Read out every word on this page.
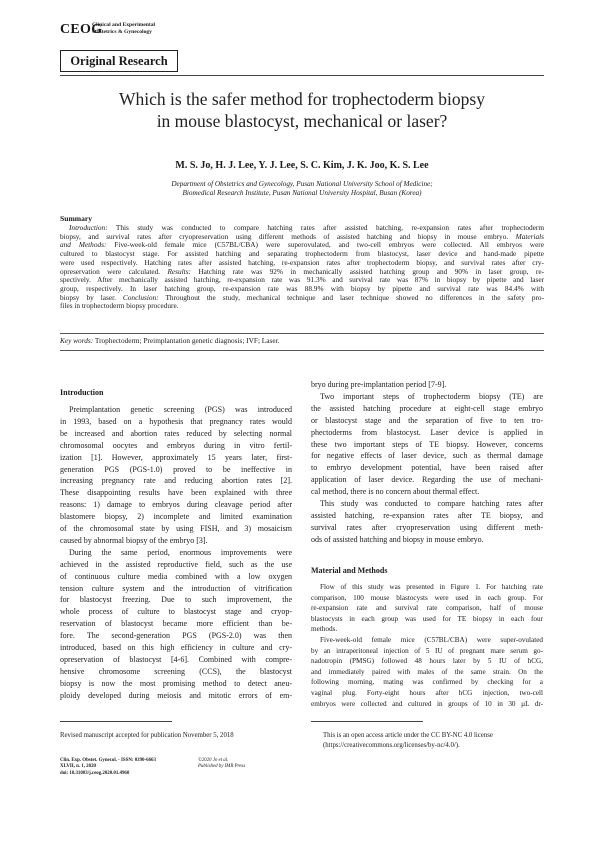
CEOG
Clinical and Experimental
Obstetrics & Gynecology
Original Research
Which is the safer method for trophectoderm biopsy
in mouse blastocyst, mechanical or laser?
M. S. Jo, H. J. Lee, Y. J. Lee, S. C. Kim, J. K. Joo, K. S. Lee
Department of Obstetrics and Gynecology, Pusan National University School of Medicine;
Biomedical Research Institute, Pusan National University Hospital, Busan (Korea)
Summary
Introduction: This study was conducted to compare hatching rates after assisted hatching, re-expansion rates after trophectoderm
biopsy, and survival rates after cryopreservation using different methods of assisted hatching and biopsy in mouse embryo. Materials
and Methods: Five-week-old female mice (C57BL/CBA) were superovulated, and two-cell embryos were collected. All embryos were
cultured to blastocyst stage. For assisted hatching and separating trophectoderm from blastocyst, laser device and hand-made pipette
were used respectively. Hatching rates after assisted hatching, re-expansion rates after trophectoderm biopsy, and survival rates after cry-
opreservation were calculated. Results: Hatching rate was 92% in mechanically assisted hatching group and 90% in laser group, re-
spectively. After mechanically assisted hatching, re-expansion rate was 91.3% and survival rate was 87% in biopsy by pipette and laser
group, respectively. In laser hatching group, re-expansion rate was 88.9% with biopsy by pipette and survival rate was 84.4% with
biopsy by laser. Conclusion: Throughout the study, mechanical technique and laser technique showed no differences in the safety pro-
files in trophectoderm biopsy procedure.
Key words: Trophectoderm; Preimplantation genetic diagnosis; IVF; Laser.
Introduction
Preimplantation genetic screening (PGS) was introduced
in 1993, based on a hypothesis that pregnancy rates would
be increased and abortion rates reduced by selecting normal
chromosomal oocytes and embryos during in vitro fertil-
ization [1]. However, approximately 15 years later, first-
generation PGS (PGS-1.0) proved to be ineffective in
increasing pregnancy rate and reducing abortion rates [2].
These disappointing results have been explained with three
reasons: 1) damage to embryos during cleavage period after
blastomere biopsy, 2) incomplete and limited examination
of the chromosomal state by using FISH, and 3) mosaicism
caused by abnormal biopsy of the embryo [3].
During the same period, enormous improvements were
achieved in the assisted reproductive field, such as the use
of continuous culture media combined with a low oxygen
tension culture system and the introduction of vitrification
for blastocyst freezing. Due to such improvement, the
whole process of culture to blastocyst stage and cryop-
reservation of blastocyst became more efficient than be-
fore. The second-generation PGS (PGS-2.0) was then
introduced, based on this high efficiency in culture and cry-
opreservation of blastocyst [4-6]. Combined with compre-
hensive chromosome screening (CCS), the blastocyst
biopsy is now the most promising method to detect aneu-
ploidy developed during meiosis and mitotic errors of em-
bryo during pre-implantation period [7-9].
Two important steps of trophectoderm biopsy (TE) are
the assisted hatching procedure at eight-cell stage embryo
or blastocyst stage and the separation of five to ten tro-
phectoderms from blastocyst. Laser device is applied in
these two important steps of TE biopsy. However, concerns
for negative effects of laser device, such as thermal damage
to embryo development potential, have been raised after
application of laser device. Regarding the use of mechani-
cal method, there is no concern about thermal effect.
This study was conducted to compare hatching rates after
assisted hatching, re-expansion rates after TE biopsy, and
survival rates after cryopreservation using different meth-
ods of assisted hatching and biopsy in mouse embryo.
Material and Methods
Flow of this study was presented in Figure 1. For hatching rate
comparison, 100 mouse blastocysts were used in each group. For
re-expansion rate and survival rate comparison, half of mouse
blastocysts in each group was used for TE biopsy in each four
methods.
Five-week-old female mice (C57BL/CBA) were super-ovulated
by an intraperitoneal injection of 5 IU of pregnant mare serum go-
nadotropin (PMSG) followed 48 hours later by 5 IU of hCG,
and immediately paired with males of the same strain. On the
following morning, mating was confirmed by checking for a
vaginal plug. Forty-eight hours after hCG injection, two-cell
embryos were collected and cultured in groups of 10 in 30 µL dr-
Revised manuscript accepted for publication November 5, 2018	This is an open access article under the CC BY-NC 4.0 license
(https://creativecommons.org/licenses/by-nc/4.0/).
Clin. Exp. Obstet. Gynecol. - ISSN: 0390-6663
XLVII, n. 1, 2020
doi: 10.31083/j.ceog.2020.01.4960
©2020 Jo et al.
Published by IMR Press
